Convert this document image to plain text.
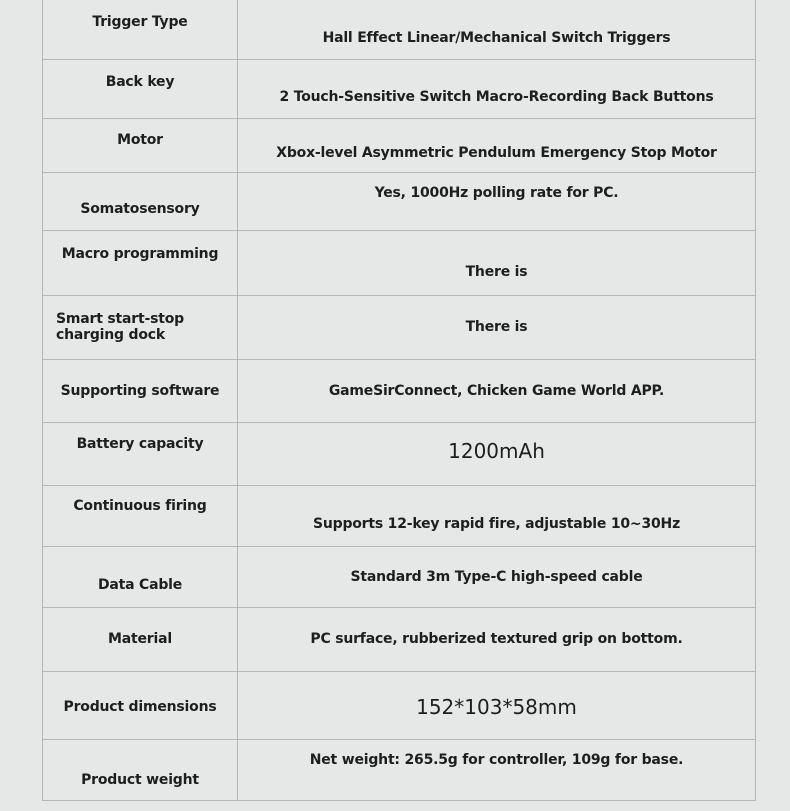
Trigger Type	Hall Effect Linear/Mechanical Switch Triggers

Back key	2 Touch-Sensitive Switch Macro-Recording Back Buttons

Motor	Xbox-level Asymmetric Pendulum Emergency Stop Motor

Somatosensory	Yes, 1000Hz polling rate for PC.

Macro programming	There is

Smart start-stop charging dock	There is

Supporting software	GameSirConnect, Chicken Game World APP.

Battery capacity	1200mAh

Continuous firing	Supports 12-key rapid fire, adjustable 10~30Hz

Data Cable	Standard 3m Type-C high-speed cable

Material	PC surface, rubberized textured grip on bottom.

Product dimensions	152*103*58mm

Product weight	Net weight: 265.5g for controller, 109g for base.
